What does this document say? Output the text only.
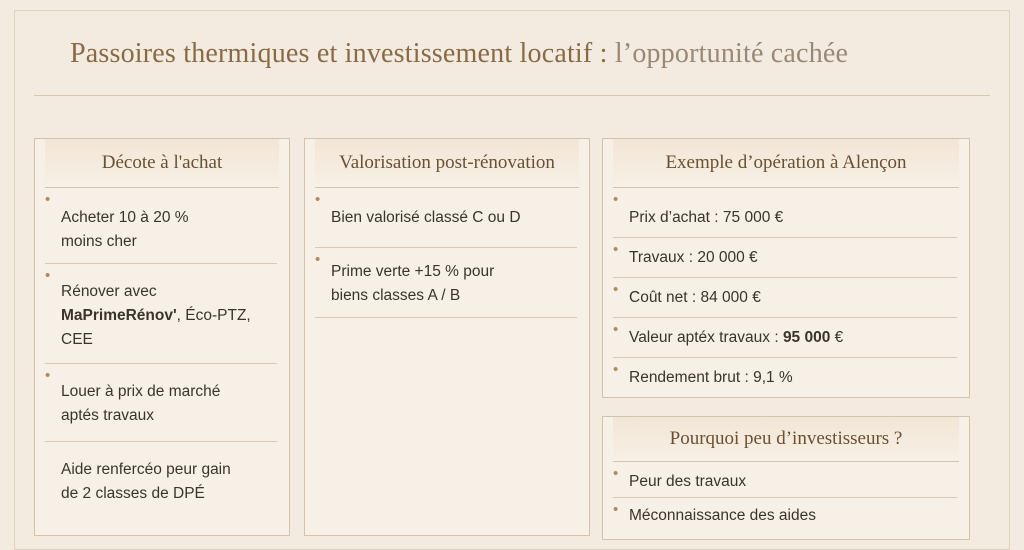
Passoires thermiques et investissement locatif : l’opportunité cachée
Décote à l'achat
•
Acheter 10 à 20 %
moins cher
•
Rénover avec
MaPrimeRénov', Éco-PTZ,
CEE
•
Louer à prix de marché
aptés travaux
Aide renfercéo peur gain
de 2 classes de DPÉ
Valorisation post-rénovation
•
Bien valorisé classé C ou D
•
Prime verte +15 % pour
biens classes A / B
Exemple d’opération à Alençon
•
Prix d’achat : 75 000 €
• Travaux : 20 000 €
• Coût net : 84 000 €
• Valeur aptéx travaux : 95 000 €
• Rendement brut : 9,1 %
Pourquoi peu d’investisseurs ?
• Peur des travaux
• Méconnaissance des aides
